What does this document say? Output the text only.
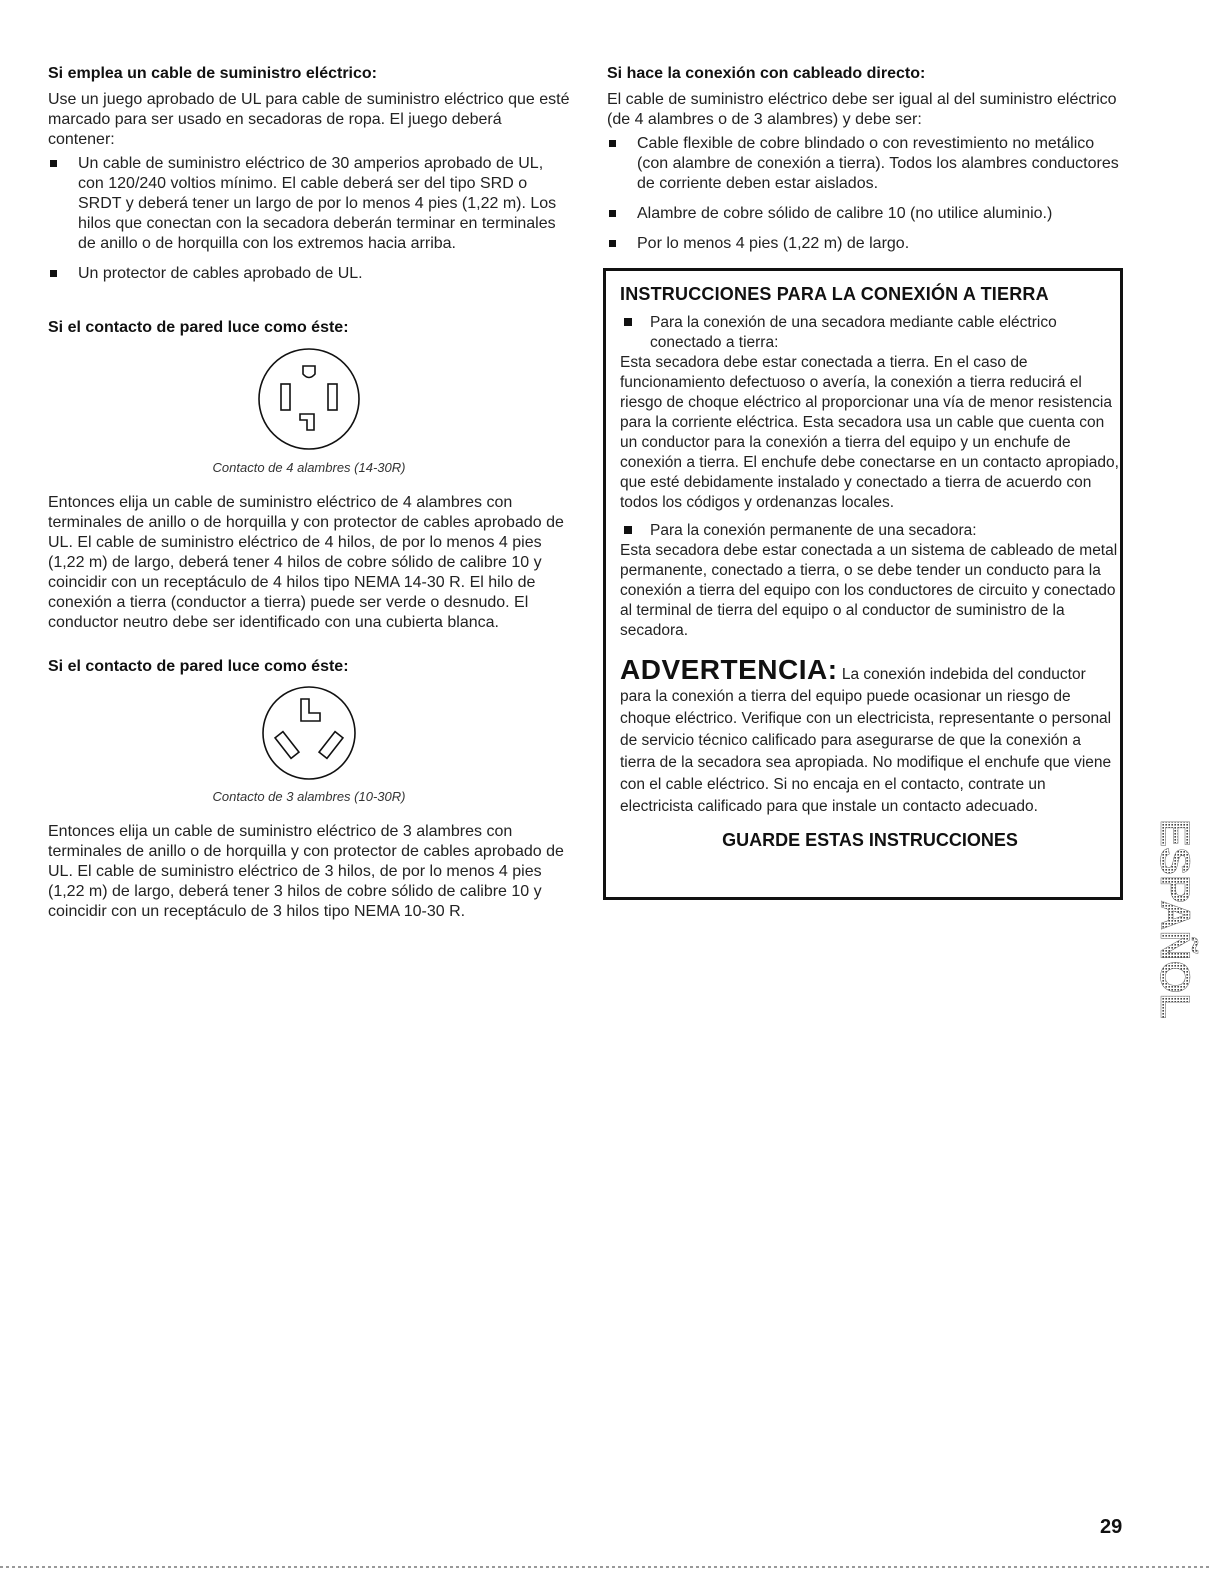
Si emplea un cable de suministro eléctrico:

Use un juego aprobado de UL para cable de suministro eléctrico que esté marcado para ser usado en secadoras de ropa. El juego deberá contener:

Un cable de suministro eléctrico de 30 amperios aprobado de UL, con 120/240 voltios mínimo. El cable deberá ser del tipo SRD o SRDT y deberá tener un largo de por lo menos 4 pies (1,22 m). Los hilos que conectan con la secadora deberán terminar en terminales de anillo o de horquilla con los extremos hacia arriba.
Un protector de cables aprobado de UL.
Si el contacto de pared luce como éste:
Contacto de 4 alambres (14-30R)

Entonces elija un cable de suministro eléctrico de 4 alambres con terminales de anillo o de horquilla y con protector de cables aprobado de UL. El cable de suministro eléctrico de 4 hilos, de por lo menos 4 pies (1,22 m) de largo, deberá tener 4 hilos de cobre sólido de calibre 10 y coincidir con un receptáculo de 4 hilos tipo NEMA 14-30 R. El hilo de conexión a tierra (conductor a tierra) puede ser verde o desnudo. El conductor neutro debe ser identificado con una cubierta blanca.

Si el contacto de pared luce como éste:
Contacto de 3 alambres (10-30R)

Entonces elija un cable de suministro eléctrico de 3 alambres con terminales de anillo o de horquilla y con protector de cables aprobado de UL. El cable de suministro eléctrico de 3 hilos, de por lo menos 4 pies (1,22 m) de largo, deberá tener 3 hilos de cobre sólido de calibre 10 y coincidir con un receptáculo de 3 hilos tipo NEMA 10-30 R.

Si hace la conexión con cableado directo:

El cable de suministro eléctrico debe ser igual al del suministro eléctrico (de 4 alambres o de 3 alambres) y debe ser:

Cable flexible de cobre blindado o con revestimiento no metálico (con alambre de conexión a tierra). Todos los alambres conductores de corriente deben estar aislados.
Alambre de cobre sólido de calibre 10 (no utilice aluminio.)
Por lo menos 4 pies (1,22 m) de largo.
INSTRUCCIONES PARA LA CONEXIÓN A TIERRA
Para la conexión de una secadora mediante cable eléctrico conectado a tierra:

Esta secadora debe estar conectada a tierra. En el caso de funcionamiento defectuoso o avería, la conexión a tierra reducirá el riesgo de choque eléctrico al proporcionar una vía de menor resistencia para la corriente eléctrica. Esta secadora usa un cable que cuenta con un conductor para la conexión a tierra del equipo y un enchufe de conexión a tierra. El enchufe debe conectarse en un contacto apropiado, que esté debidamente instalado y conectado a tierra de acuerdo con todos los códigos y ordenanzas locales.

Para la conexión permanente de una secadora:

Esta secadora debe estar conectada a un sistema de cableado de metal permanente, conectado a tierra, o se debe tender un conducto para la conexión a tierra del equipo con los conductores de circuito y conectado al terminal de tierra del equipo o al conductor de suministro de la secadora.

ADVERTENCIA: La conexión indebida del conductor para la conexión a tierra del equipo puede ocasionar un riesgo de choque eléctrico. Verifique con un electricista, representante o personal de servicio técnico calificado para asegurarse de que la conexión a tierra de la secadora sea apropiada. No modifique el enchufe que viene con el cable eléctrico. Si no encaja en el contacto, contrate un electricista calificado para que instale un contacto adecuado.
GUARDE ESTAS INSTRUCCIONES	ESPAÑOL
29
